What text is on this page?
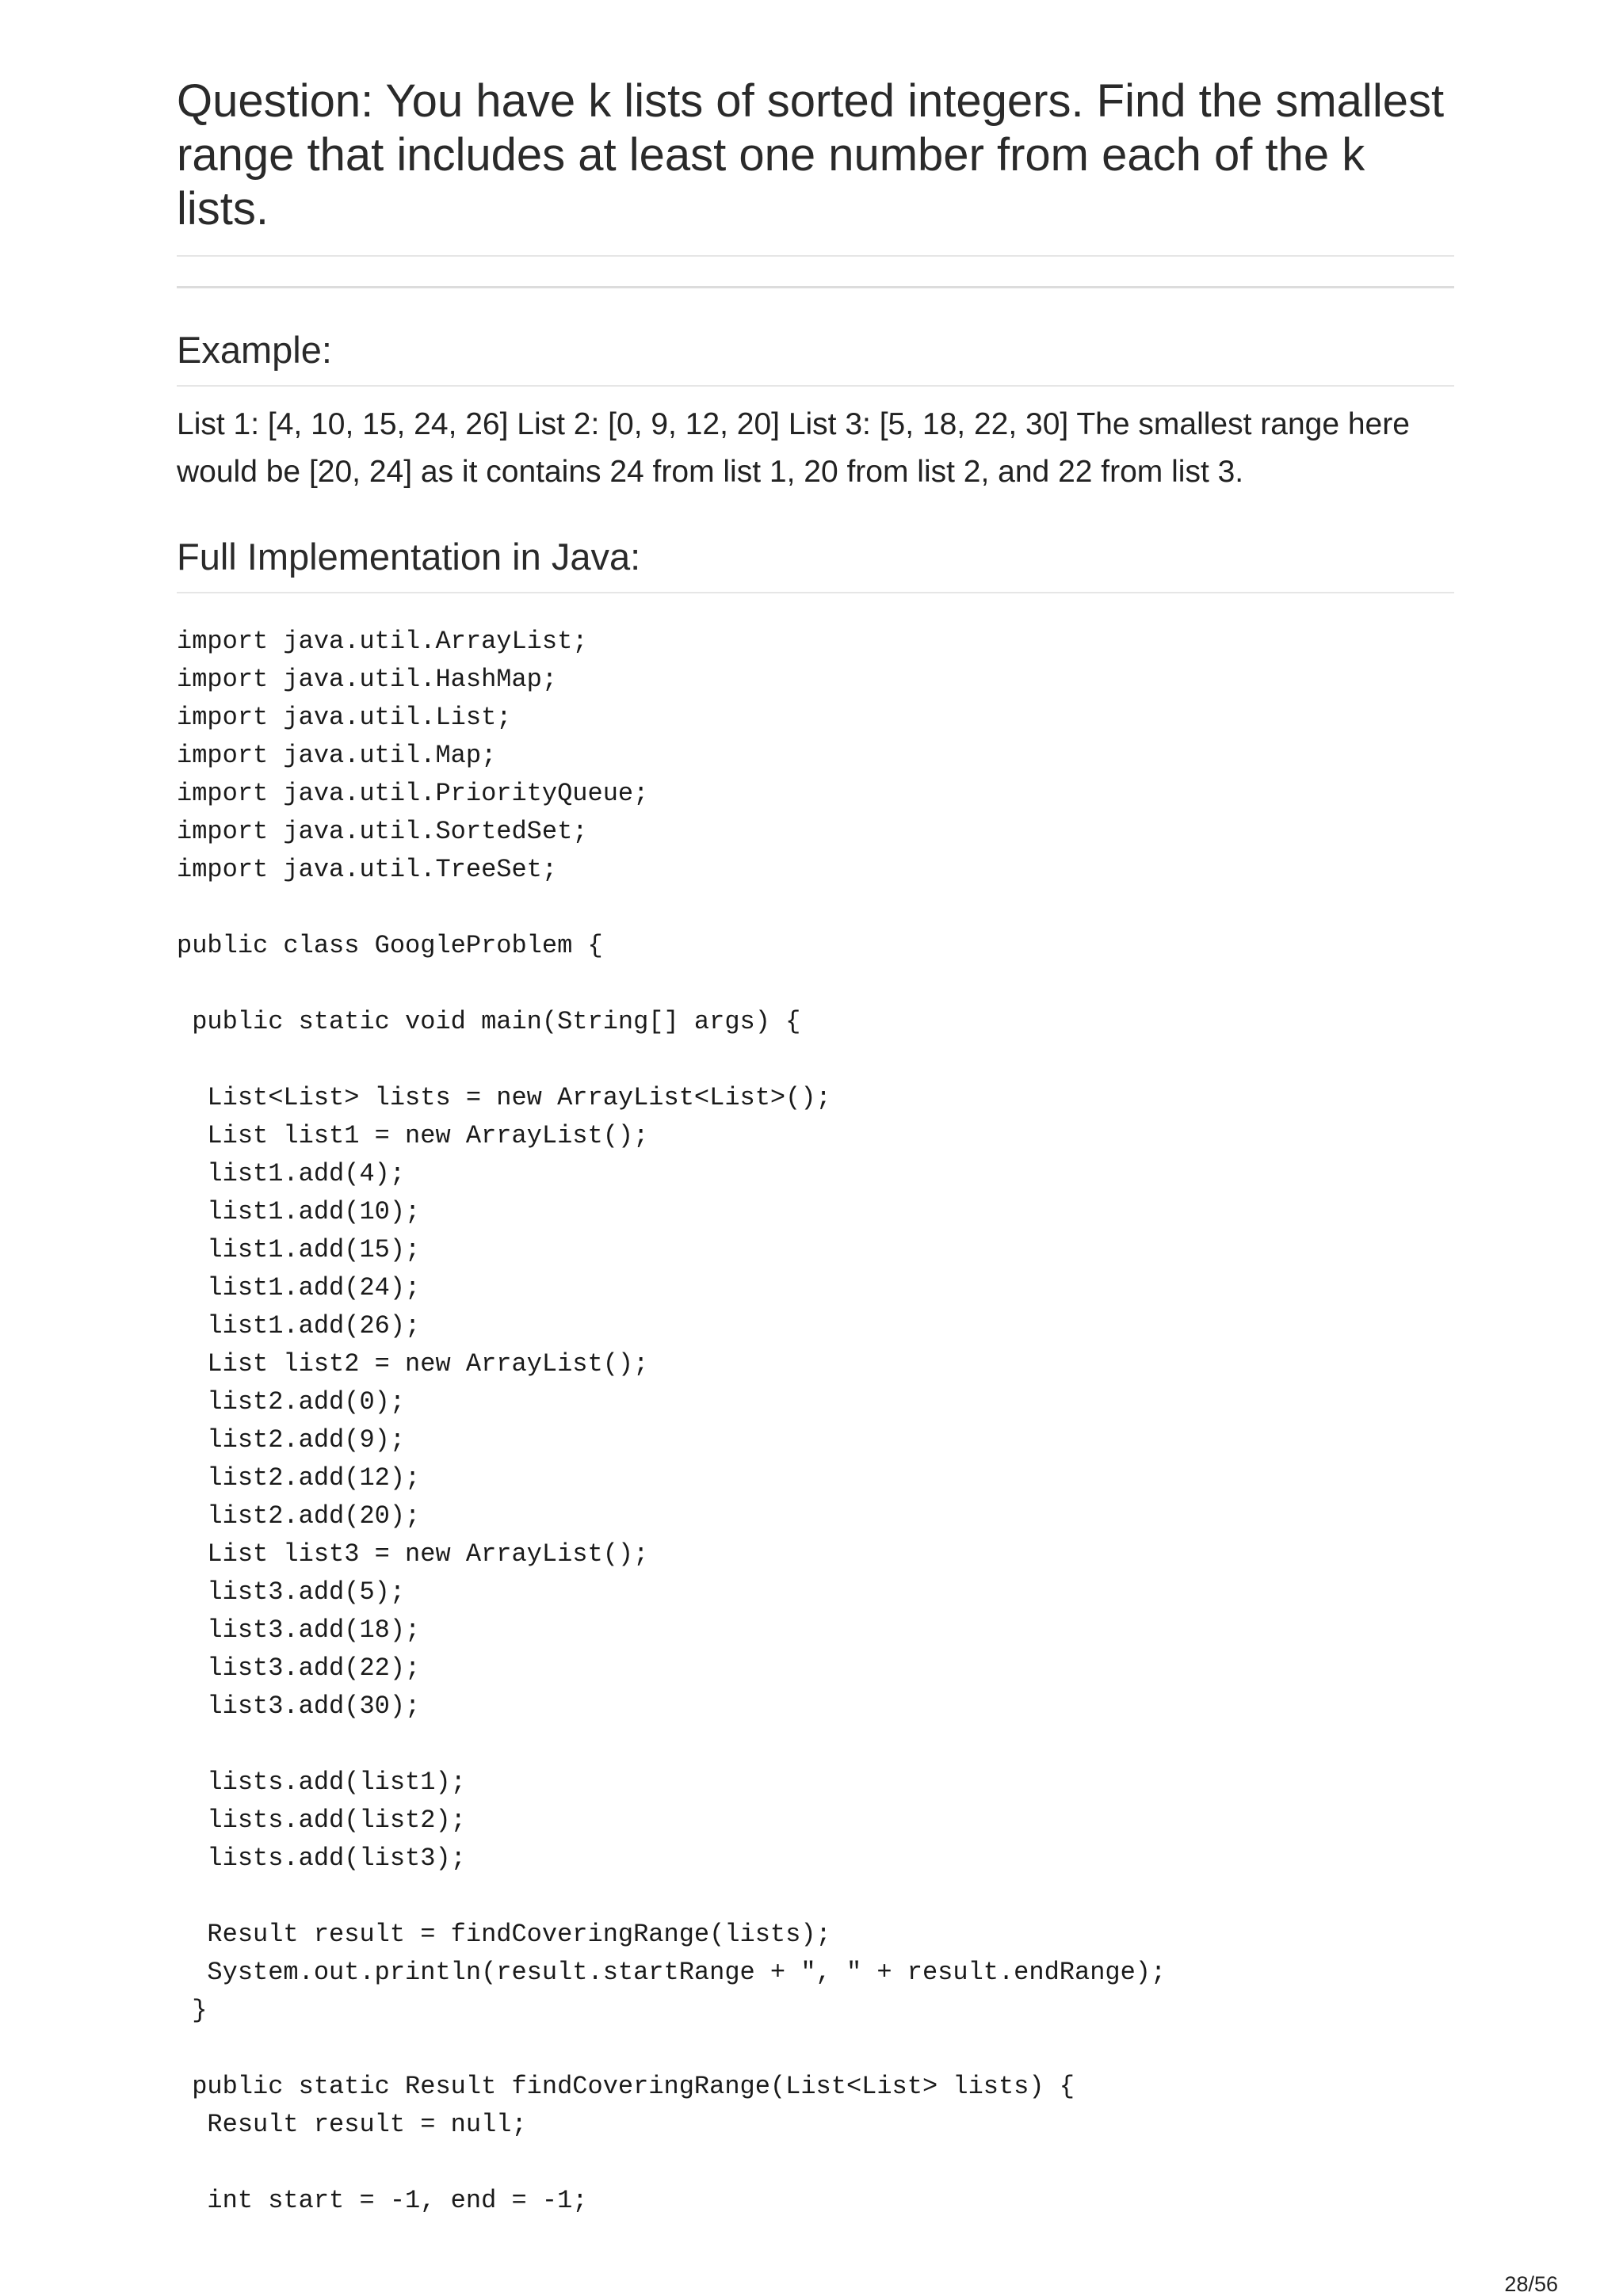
Question: You have k lists of sorted integers. Find the smallest range that includes at least one number from each of the k lists.
Example:

List 1: [4, 10, 15, 24, 26] List 2: [0, 9, 12, 20] List 3: [5, 18, 22, 30] The smallest range here would be [20, 24] as it contains 24 from list 1, 20 from list 2, and 22 from list 3.

Full Implementation in Java:
import java.util.ArrayList;
import java.util.HashMap;
import java.util.List;
import java.util.Map;
import java.util.PriorityQueue;
import java.util.SortedSet;
import java.util.TreeSet;
public class GoogleProblem {
public static void main(String[] args) {
List<List> lists = new ArrayList<List>();
List list1 = new ArrayList();
list1.add(4);
list1.add(10);
list1.add(15);
list1.add(24);
list1.add(26);
List list2 = new ArrayList();
list2.add(0);
list2.add(9);
list2.add(12);
list2.add(20);
List list3 = new ArrayList();
list3.add(5);
list3.add(18);
list3.add(22);
list3.add(30);
lists.add(list1);
lists.add(list2);
lists.add(list3);
Result result = findCoveringRange(lists);
System.out.println(result.startRange + ", " + result.endRange);
}
public static Result findCoveringRange(List<List> lists) {
Result result = null;
int start = -1, end = -1;
28/56
